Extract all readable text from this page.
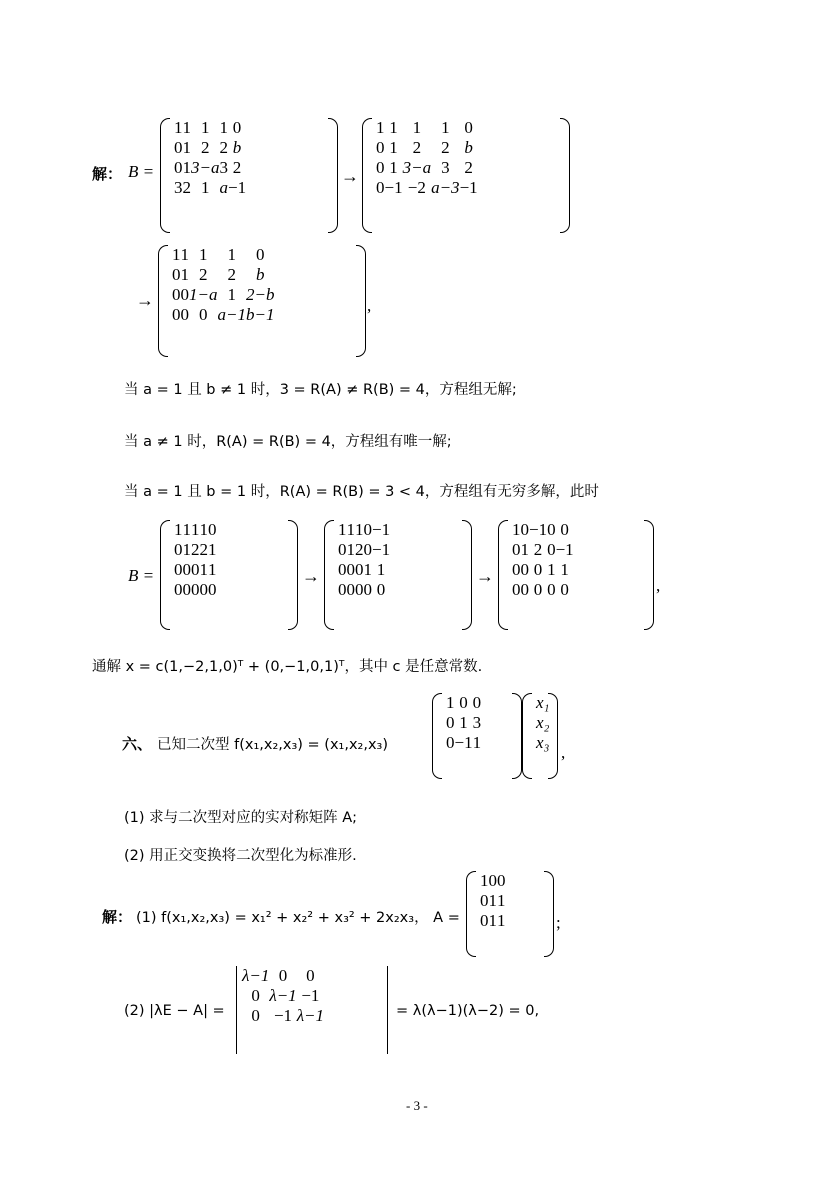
解： B =
1	1	1	1	0
0	1	2	2	b
0	1	3−a	3	2
3	2	1	a	−1
→
1	1	1	1	0
0	1	2	2	b
0	1	3−a	3	2
0	−1	−2	a−3	−1
→
1	1	1	1	0
0	1	2	2	b
0	0	1−a	1	2−b
0	0	0	a−1	b−1	,
当 a = 1 且 b ≠ 1 时，3 = R(A) ≠ R(B) = 4，方程组无解;
当 a ≠ 1 时，R(A) = R(B) = 4，方程组有唯一解;
当 a = 1 且 b = 1 时，R(A) = R(B) = 3 < 4，方程组有无穷多解，此时
B =
1	1	1	1	0
0	1	2	2	1
0	0	0	1	1
0	0	0	0	0
→
1	1	1	0	−1
0	1	2	0	−1
0	0	0	1	1
0	0	0	0	0
→
1	0	−1	0	0
0	1	2	0	−1
0	0	0	1	1
0	0	0	0	0	,
通解 x = c(1,−2,1,0)ᵀ + (0,−1,0,1)ᵀ，其中 c 是任意常数.
六、 已知二次型 f(x₁,x₂,x₃) = (x₁,x₂,x₃)
1	0	0
0	1	3
0	−1	1
x₁
x₂
x₃
,
(1) 求与二次型对应的实对称矩阵 A;
(2) 用正交变换将二次型化为标准形.
解： (1) f(x₁,x₂,x₃) = x₁² + x₂² + x₃² + 2x₂x₃， A =
1	0	0
0	1	1
0	1	1	;
(2) |λE − A| =
λ−1	0	0
0	λ−1	−1
0	−1	λ−1	= λ(λ−1)(λ−2) = 0,
- 3 -
